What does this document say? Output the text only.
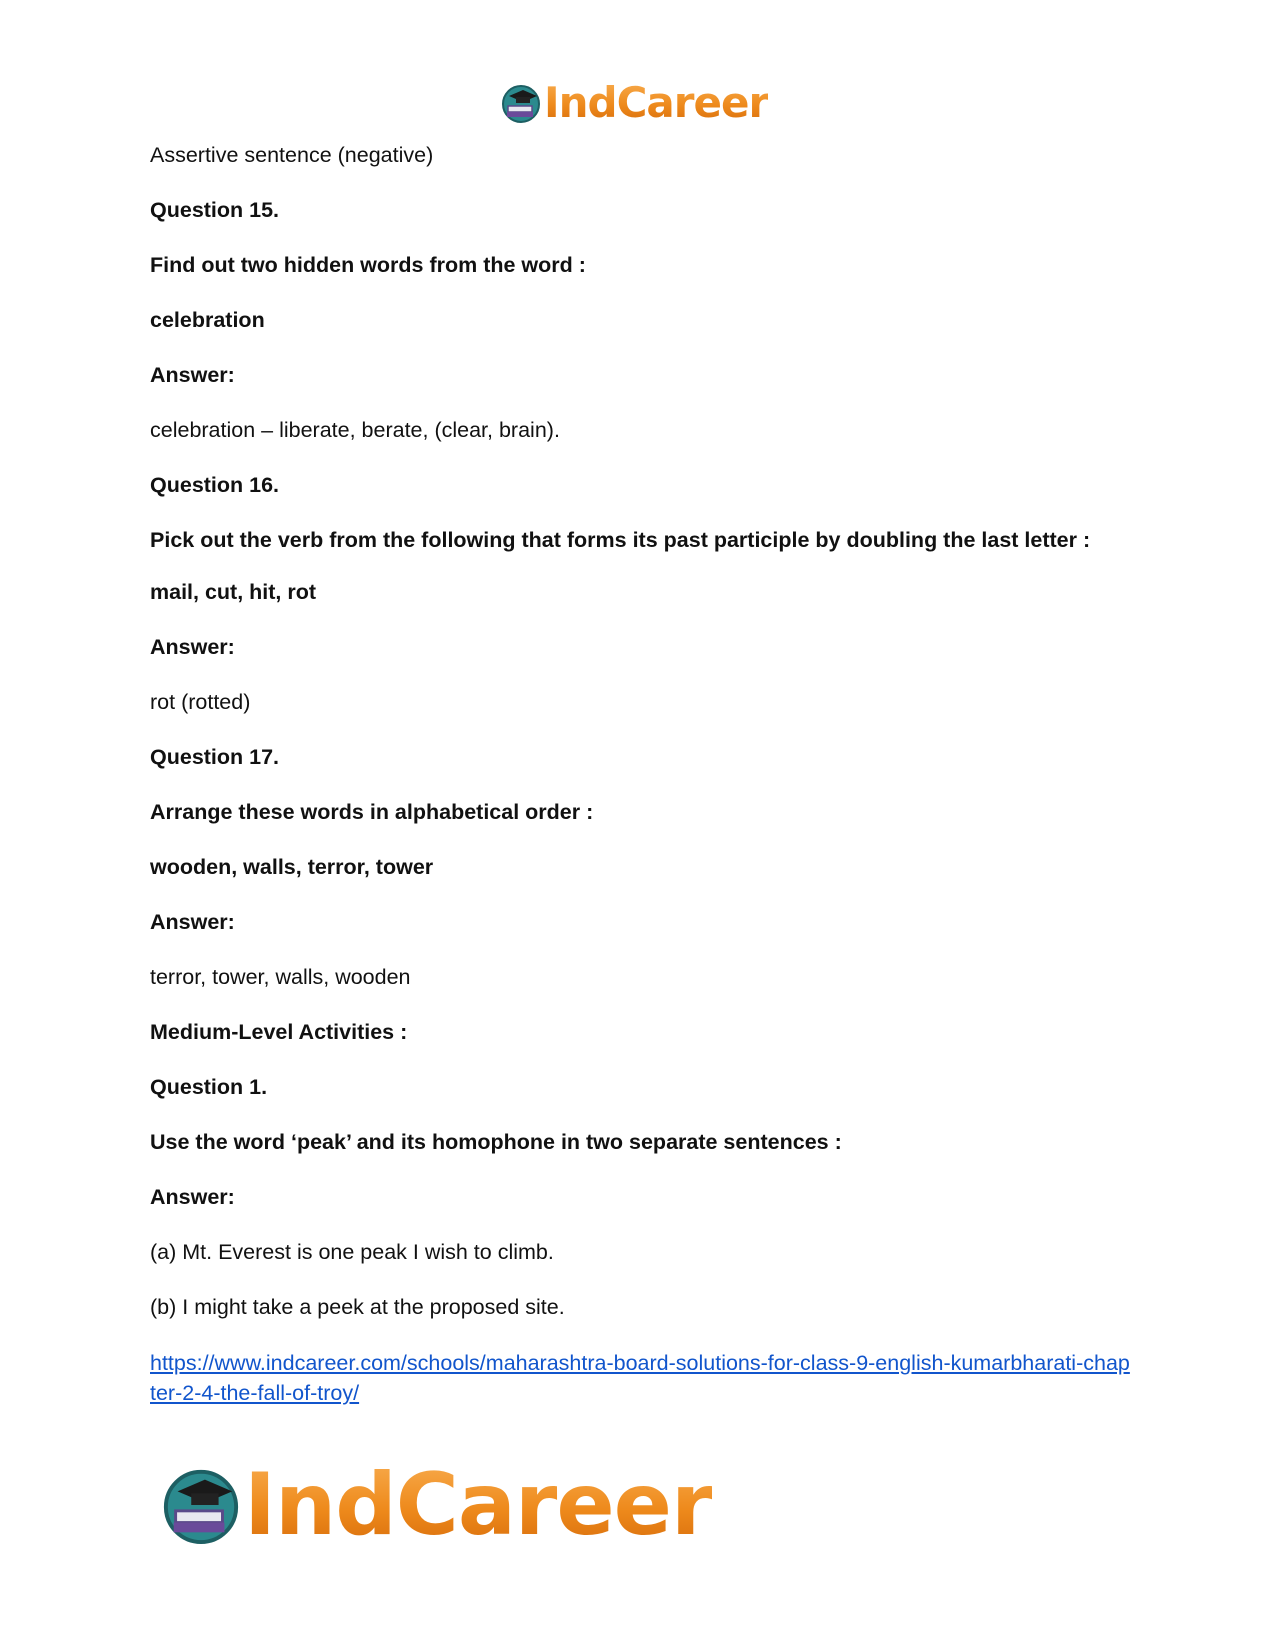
IndCareer

Assertive sentence (negative)

Question 15.

Find out two hidden words from the word :

celebration

Answer:

celebration – liberate, berate, (clear, brain).

Question 16.

Pick out the verb from the following that forms its past participle by doubling the last letter :

mail, cut, hit, rot

Answer:

rot (rotted)

Question 17.

Arrange these words in alphabetical order :

wooden, walls, terror, tower

Answer:

terror, tower, walls, wooden

Medium-Level Activities :

Question 1.

Use the word ‘peak’ and its homophone in two separate sentences :

Answer:

(a) Mt. Everest is one peak I wish to climb.

(b) I might take a peek at the proposed site.

https://www.indcareer.com/schools/maharashtra-board-solutions-for-class-9-english-kumarbharati-chapter-2-4-the-fall-of-troy/
IndCareer
